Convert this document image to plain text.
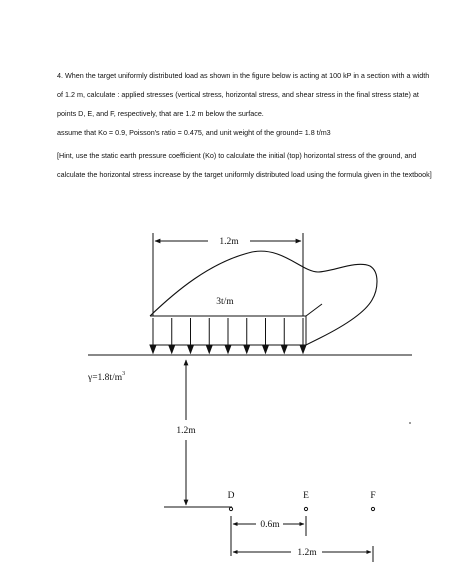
4. When the target uniformly distributed load as shown in the figure below is acting at 100 kP in a section with a width of 1.2 m, calculate : applied stresses (vertical stress, horizontal stress, and shear stress in the final stress state) at points D, E, and F, respectively, that are 1.2 m below the surface.
assume that Ko = 0.9, Poisson's ratio = 0.475, and unit weight of the ground= 1.8 t/m3

[Hint, use the static earth pressure coefficient (Ko) to calculate the initial (top) horizontal stress of the ground, and calculate the horizontal stress increase by the target uniformly distributed load using the formula given in the textbook]

1.2m
3t/m
$\gamma=1.8t/m^3$
1.2m
D	E	F
0.6m
1.2m
